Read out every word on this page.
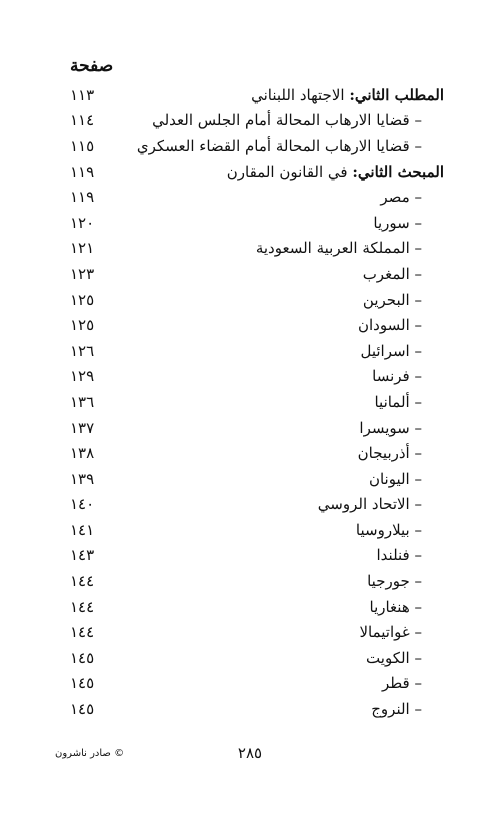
صفحة
المطلب الثاني: الاجتهاد اللبناني
١١٣
– قضايا الارهاب المحالة أمام الجلس العدلي
١١٤
– قضايا الارهاب المحالة أمام القضاء العسكري
١١٥
المبحث الثاني: في القانون المقارن
١١٩
– مصر
١١٩
– سوريا
١٢٠
– المملكة العربية السعودية
١٢١
– المغرب
١٢٣
– البحرين
١٢٥
– السودان
١٢٥
– اسرائيل
١٢٦
– فرنسا
١٢٩
– ألمانيا
١٣٦
– سويسرا
١٣٧
– أذربيجان
١٣٨
– اليونان
١٣٩
– الاتحاد الروسي
١٤٠
– بيلاروسيا
١٤١
– فنلندا
١٤٣
– جورجيا
١٤٤
– هنغاريا
١٤٤
– غواتيمالا
١٤٤
– الكويت
١٤٥
– قطر
١٤٥
– النروج
١٤٥
© صادر ناشرون	٢٨٥
